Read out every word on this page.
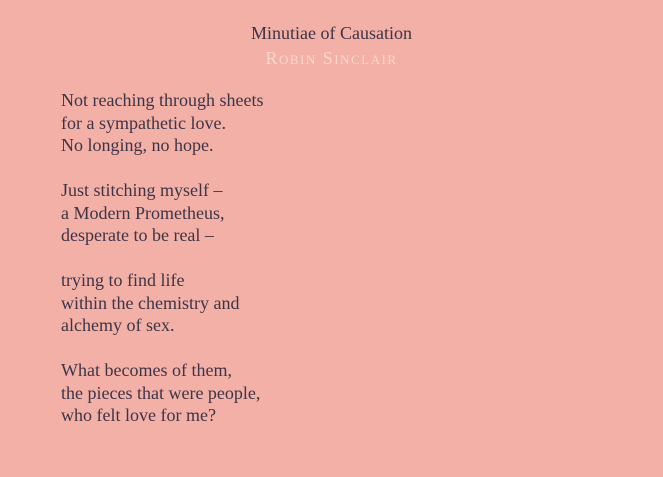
Minutiae of Causation
Robin Sinclair
Not reaching through sheets
for a sympathetic love.
No longing, no hope.
Just stitching myself –
a Modern Prometheus,
desperate to be real –
trying to find life
within the chemistry and
alchemy of sex.
What becomes of them,
the pieces that were people,
who felt love for me?
